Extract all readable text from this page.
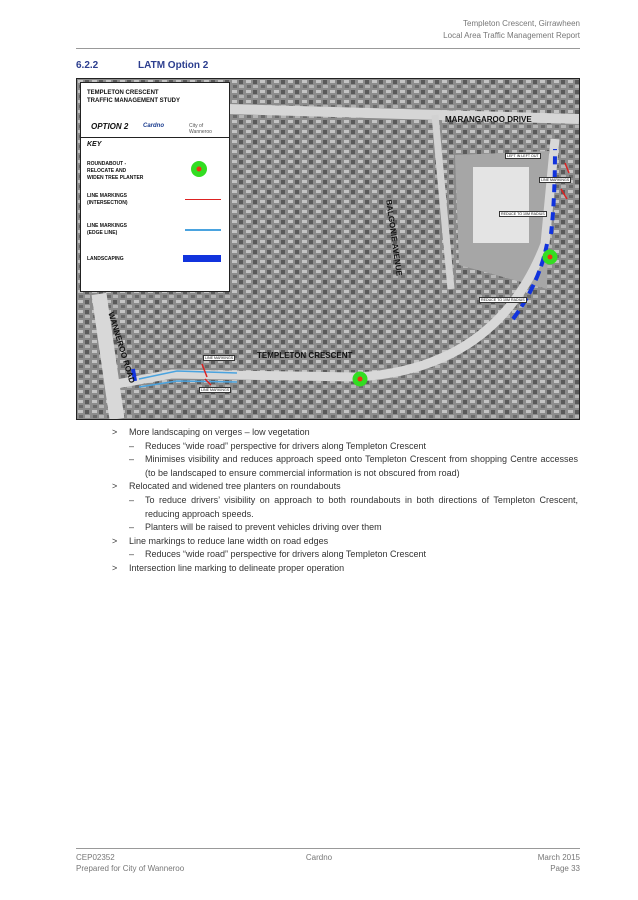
Templeton Crescent, Girrawheen
Local Area Traffic Management Report
6.2.2	LATM Option 2
MARANGAROO DRIVE
BALGONIE AVENUE
TEMPLETON CRESCENT
WANNEROO ROAD
LEFT IN LEFT OUT
LINE MARKINGS
REDUCE TO 10M RADIUS
REDUCE TO 10M RADIUS
LINE MARKINGS
LINE MARKINGS
TEMPLETON CRESCENT
TRAFFIC MANAGEMENT STUDY
OPTION 2 Cardno	City of
Wanneroo
KEY
ROUNDABOUT -
RELOCATE AND
WIDEN TREE PLANTER
LINE MARKINGS
(INTERSECTION)
LINE MARKINGS
(EDGE LINE)
LANDSCAPING
> More landscaping on verges – low vegetation
– Reduces “wide road” perspective for drivers along Templeton Crescent
– Minimises visibility and reduces approach speed onto Templeton Crescent from shopping Centre accesses (to be landscaped to ensure commercial information is not obscured from road)
> Relocated and widened tree planters on roundabouts
– To reduce drivers’ visibility on approach to both roundabouts in both directions of Templeton Crescent, reducing approach speeds.
– Planters will be raised to prevent vehicles driving over them
> Line markings to reduce lane width on road edges
– Reduces “wide road” perspective for drivers along Templeton Crescent
> Intersection line marking to delineate proper operation
CEP02352
Prepared for City of Wanneroo
Cardno	March 2015
Page 33
